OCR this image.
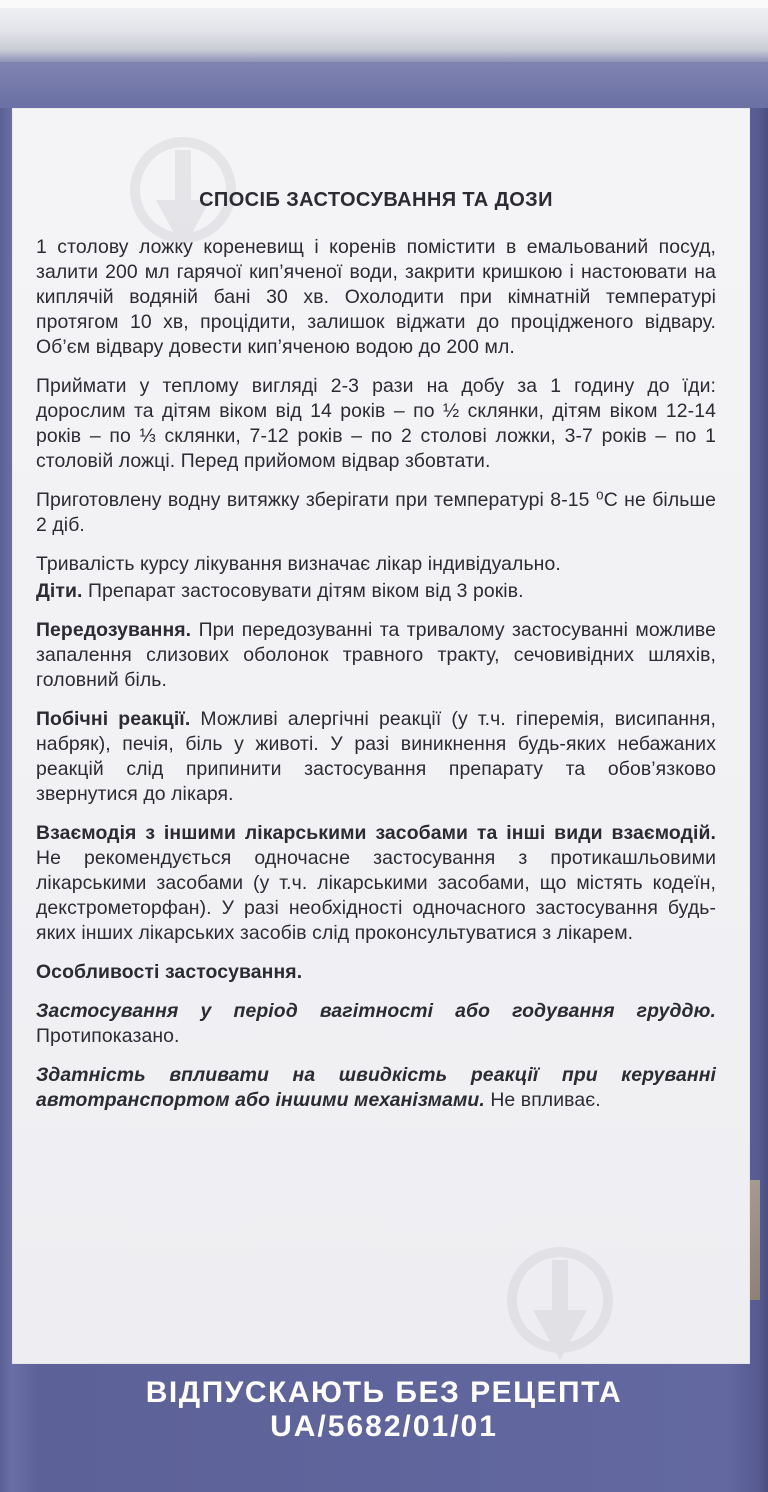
СПОСІБ ЗАСТОСУВАННЯ ТА ДОЗИ

1 столову ложку кореневищ і коренів помістити в емальований посуд, залити 200 мл гарячої кип’яченої води, закрити кришкою і настоювати на киплячій водяній бані 30 хв. Охолодити при кімнатній температурі протягом 10 хв, процідити, залишок віджати до процідженого відвару. Об’єм відвару довести кип’яченою водою до 200 мл.

Приймати у теплому вигляді 2-3 рази на добу за 1 годину до їди: дорослим та дітям віком від 14 років – по ½ склянки, дітям віком 12-14 років – по ⅓ склянки, 7-12 років – по 2 столові ложки, 3-7 років – по 1 столовій ложці. Перед прийомом відвар збовтати.

Приготовлену водну витяжку зберігати при температурі 8-15 ⁰С не більше 2 діб.

Тривалість курсу лікування визначає лікар індивідуально.

Діти. Препарат застосовувати дітям віком від 3 років.

Передозування. При передозуванні та тривалому застосуванні можливе запалення слизових оболонок травного тракту, сечовивідних шляхів, головний біль.

Побічні реакції. Можливі алергічні реакції (у т.ч. гіперемія, висипання, набряк), печія, біль у животі. У разі виникнення будь-яких небажаних реакцій слід припинити застосування препарату та обов’язково звернутися до лікаря.

Взаємодія з іншими лікарськими засобами та інші види взаємодій. Не рекомендується одночасне застосування з протикашльовими лікарськими засобами (у т.ч. лікарськими засобами, що містять кодеїн, декстрометорфан). У разі необхідності одночасного застосування будь-яких інших лікарських засобів слід проконсультуватися з лікарем.

Особливості застосування.

Застосування у період вагітності або годування груддю. Протипоказано.

Здатність впливати на швидкість реакції при керуванні автотранспортом або іншими механізмами. Не впливає.

ВІДПУСКАЮТЬ БЕЗ РЕЦЕПТА
UA/5682/01/01
